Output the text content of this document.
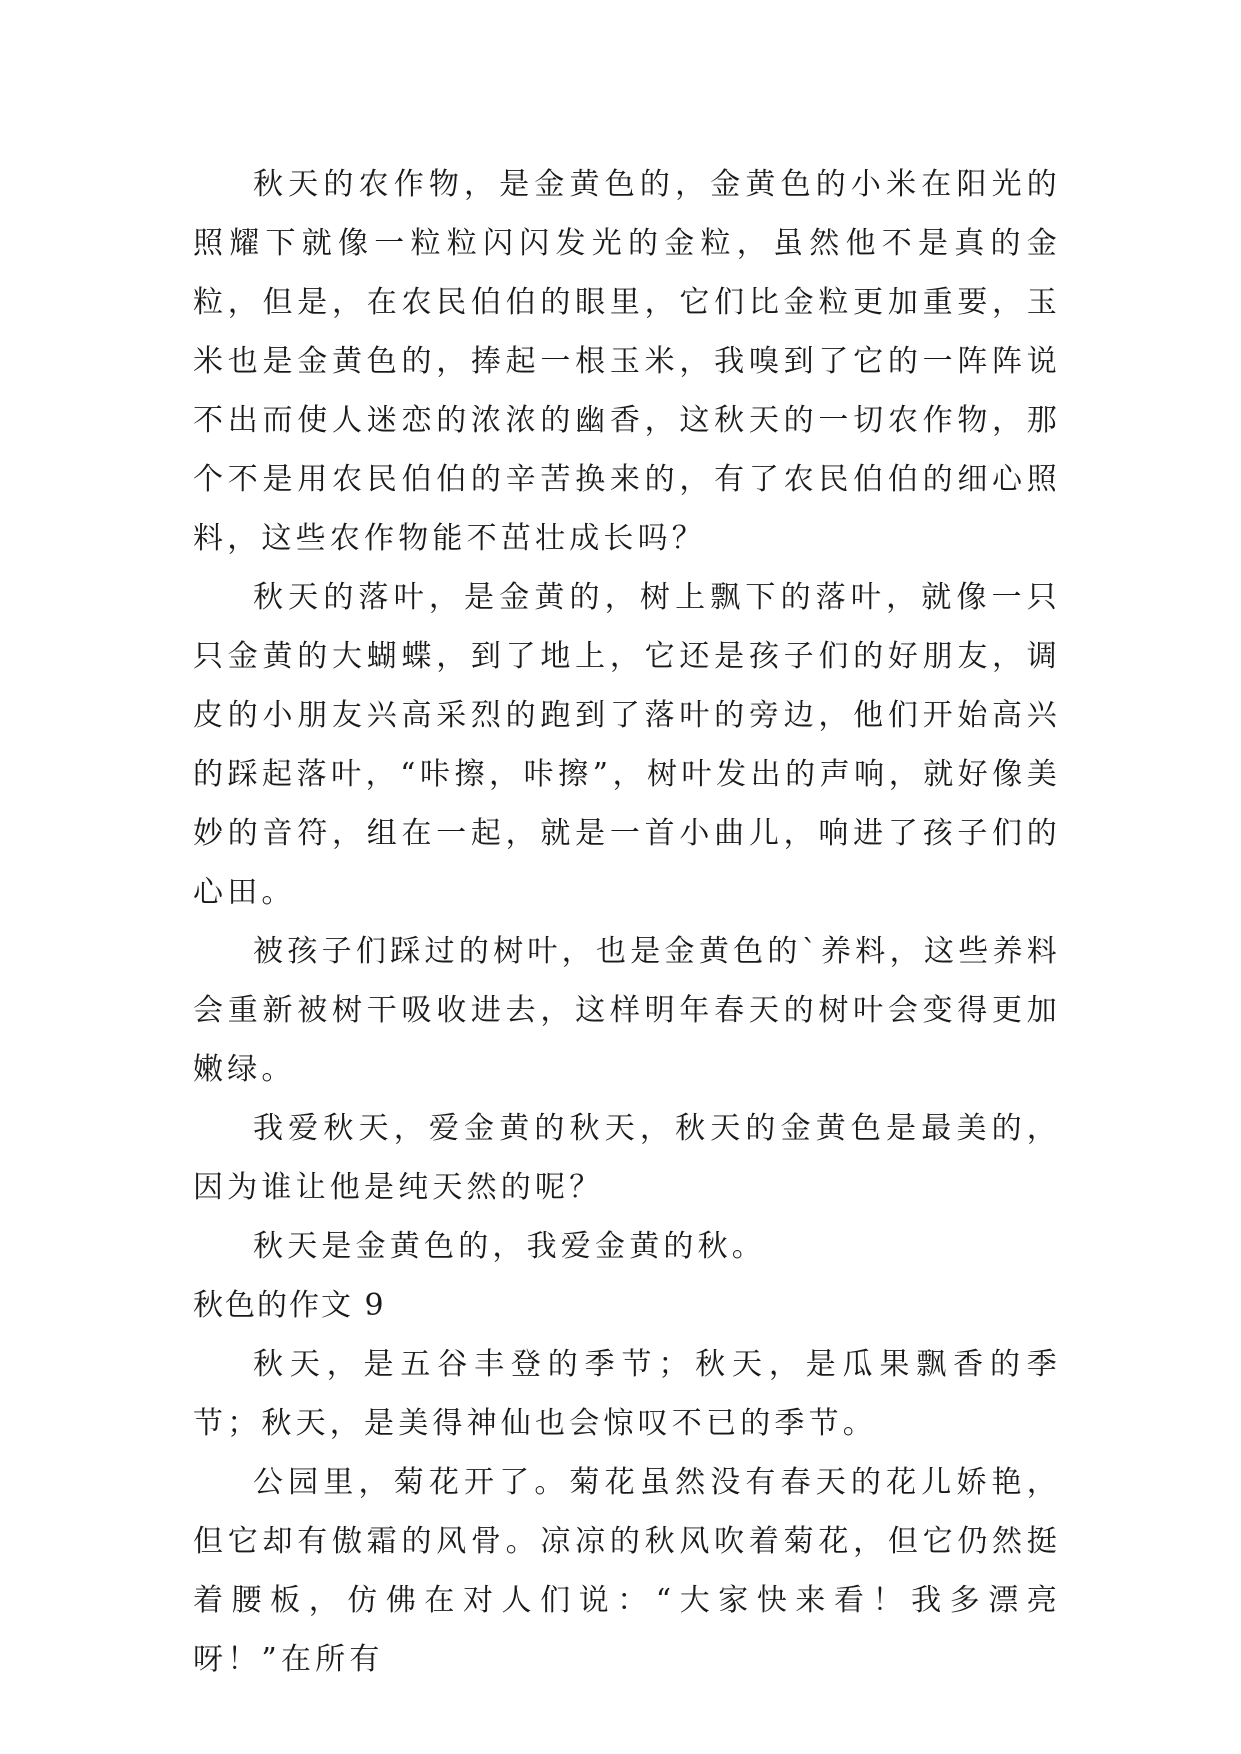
秋天的农作物，是金黄色的，金黄色的小米在阳光的照耀下就像一粒粒闪闪发光的金粒，虽然他不是真的金粒，但是，在农民伯伯的眼里，它们比金粒更加重要，玉米也是金黄色的，捧起一根玉米，我嗅到了它的一阵阵说不出而使人迷恋的浓浓的幽香，这秋天的一切农作物，那个不是用农民伯伯的辛苦换来的，有了农民伯伯的细心照料，这些农作物能不茁壮成长吗？

秋天的落叶，是金黄的，树上飘下的落叶，就像一只只金黄的大蝴蝶，到了地上，它还是孩子们的好朋友，调皮的小朋友兴高采烈的跑到了落叶的旁边，他们开始高兴的踩起落叶，“咔擦，咔擦”，树叶发出的声响，就好像美妙的音符，组在一起，就是一首小曲儿，响进了孩子们的心田。

被孩子们踩过的树叶，也是金黄色的`养料，这些养料会重新被树干吸收进去，这样明年春天的树叶会变得更加嫩绿。

我爱秋天，爱金黄的秋天，秋天的金黄色是最美的，因为谁让他是纯天然的呢？

秋天是金黄色的，我爱金黄的秋。

秋色的作文 9

秋天，是五谷丰登的季节；秋天，是瓜果飘香的季节；秋天，是美得神仙也会惊叹不已的季节。

公园里，菊花开了。菊花虽然没有春天的花儿娇艳，但它却有傲霜的风骨。凉凉的秋风吹着菊花，但它仍然挺着腰板，仿佛在对人们说：“大家快来看！我多漂亮呀！”在所有
